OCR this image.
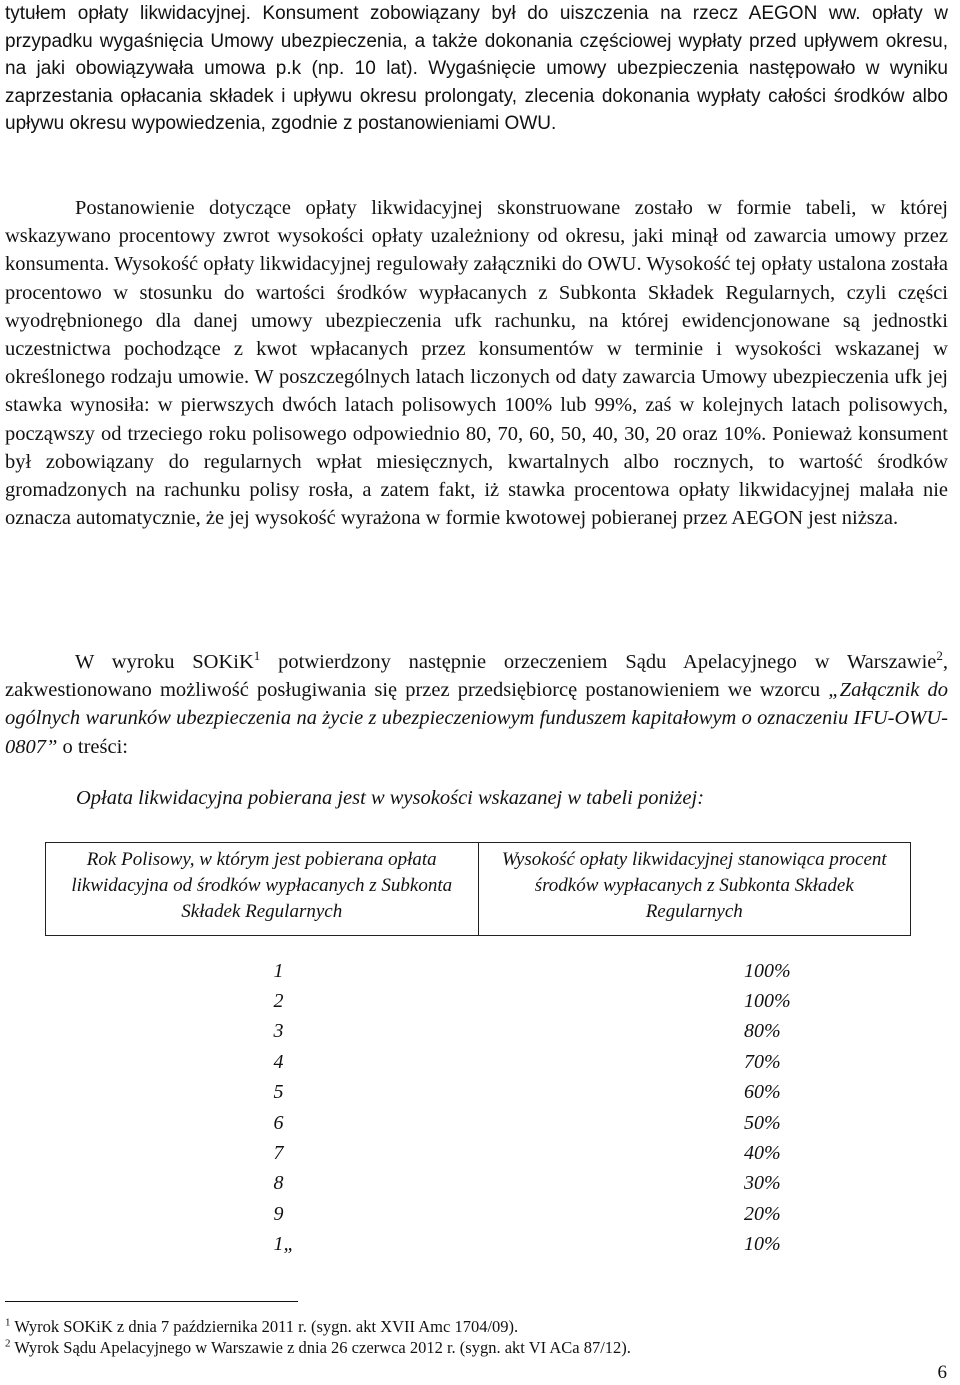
tytułem opłaty likwidacyjnej. Konsument zobowiązany był do uiszczenia na rzecz AEGON ww. opłaty w przypadku wygaśnięcia Umowy ubezpieczenia, a także dokonania częściowej wypłaty przed upływem okresu, na jaki obowiązywała umowa p.k (np. 10 lat). Wygaśnięcie umowy ubezpieczenia następowało w wyniku zaprzestania opłacania składek i upływu okresu prolongaty, zlecenia dokonania wypłaty całości środków albo upływu okresu wypowiedzenia, zgodnie z postanowieniami OWU.

Postanowienie dotyczące opłaty likwidacyjnej skonstruowane zostało w formie tabeli, w której wskazywano procentowy zwrot wysokości opłaty uzależniony od okresu, jaki minął od zawarcia umowy przez konsumenta. Wysokość opłaty likwidacyjnej regulowały załączniki do OWU. Wysokość tej opłaty ustalona została procentowo w stosunku do wartości środków wypłacanych z Subkonta Składek Regularnych, czyli części wyodrębnionego dla danej umowy ubezpieczenia ufk rachunku, na której ewidencjonowane są jednostki uczestnictwa pochodzące z kwot wpłacanych przez konsumentów w terminie i wysokości wskazanej w określonego rodzaju umowie. W poszczególnych latach liczonych od daty zawarcia Umowy ubezpieczenia ufk jej stawka wynosiła: w pierwszych dwóch latach polisowych 100% lub 99%, zaś w kolejnych latach polisowych, począwszy od trzeciego roku polisowego odpowiednio 80, 70, 60, 50, 40, 30, 20 oraz 10%. Ponieważ konsument był zobowiązany do regularnych wpłat miesięcznych, kwartalnych albo rocznych, to wartość środków gromadzonych na rachunku polisy rosła, a zatem fakt, iż stawka procentowa opłaty likwidacyjnej malała nie oznacza automatycznie, że jej wysokość wyrażona w formie kwotowej pobieranej przez AEGON jest niższa.

W wyroku SOKiK$^1$ potwierdzony następnie orzeczeniem Sądu Apelacyjnego w Warszawie$^2$, zakwestionowano możliwość posługiwania się przez przedsiębiorcę postanowieniem we wzorcu „Załącznik do ogólnych warunków ubezpieczenia na życie z ubezpieczeniowym funduszem kapitałowym o oznaczeniu IFU-OWU-0807” o treści:

Opłata likwidacyjna pobierana jest w wysokości wskazanej w tabeli poniżej:

Rok Polisowy, w którym jest pobierana opłata likwidacyjna od środków wypłacanych z Subkonta Składek Regularnych	Wysokość opłaty likwidacyjnej stanowiąca procent środków wypłacanych z Subkonta Składek Regularnych

1	100%
2	100%
3	80%
4	70%
5	60%
6	50%
7	40%
8	30%
9	20%
1„	10%

$^1$ Wyrok SOKiK z dnia 7 października 2011 r. (sygn. akt XVII Amc 1704/09).

$^2$ Wyrok Sądu Apelacyjnego w Warszawie z dnia 26 czerwca 2012 r. (sygn. akt VI ACa 87/12).

6
